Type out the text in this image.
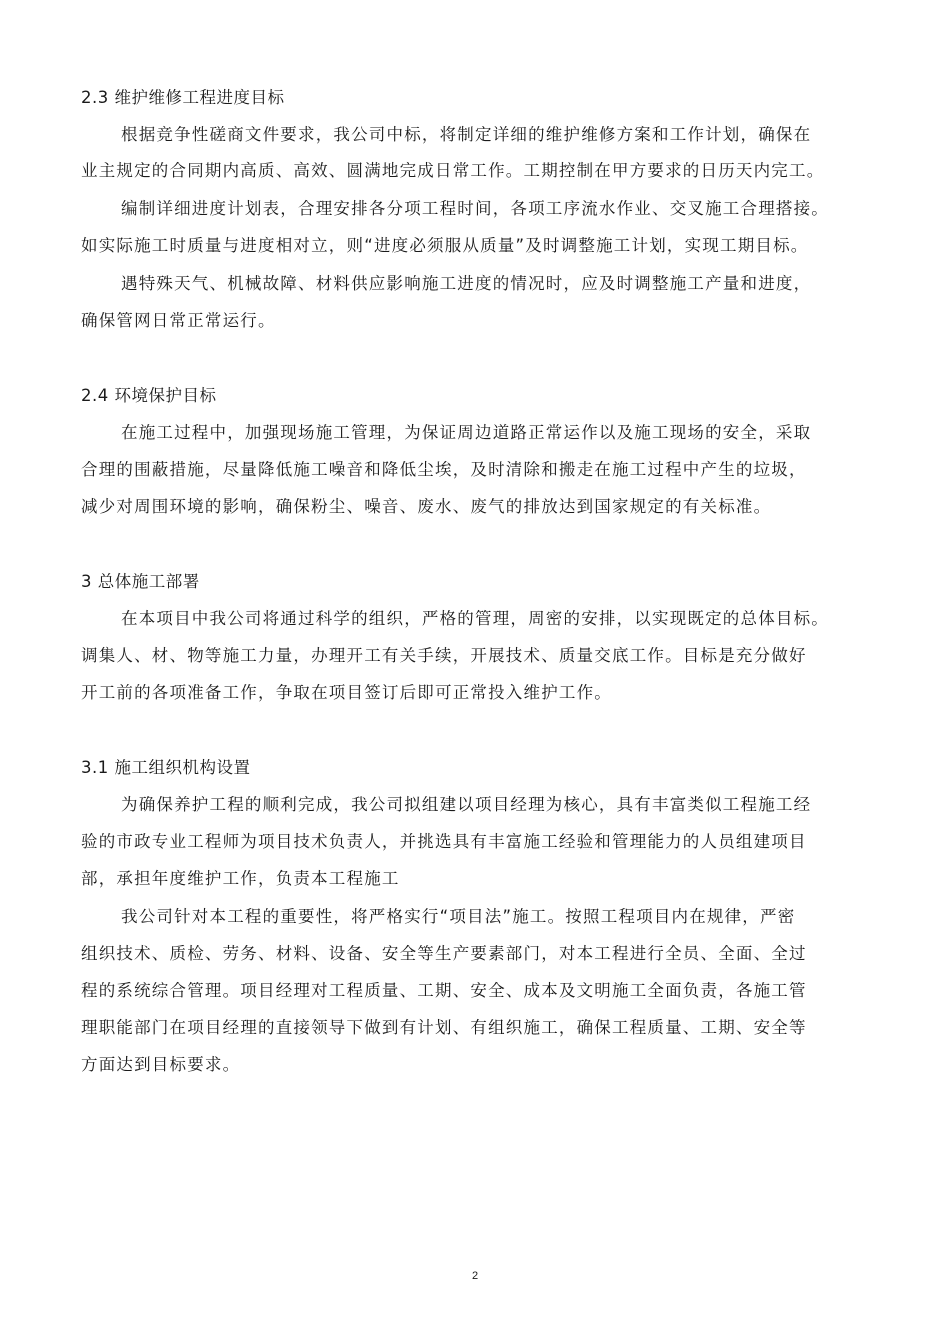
2.3 维护维修工程进度目标
根据竞争性磋商文件要求，我公司中标，将制定详细的维护维修方案和工作计划，确保在
业主规定的合同期内高质、高效、圆满地完成日常工作。工期控制在甲方要求的日历天内完工。
编制详细进度计划表，合理安排各分项工程时间，各项工序流水作业、交叉施工合理搭接。
如实际施工时质量与进度相对立，则“进度必须服从质量”及时调整施工计划，实现工期目标。
遇特殊天气、机械故障、材料供应影响施工进度的情况时，应及时调整施工产量和进度，
确保管网日常正常运行。
2.4 环境保护目标
在施工过程中，加强现场施工管理，为保证周边道路正常运作以及施工现场的安全，采取
合理的围蔽措施，尽量降低施工噪音和降低尘埃，及时清除和搬走在施工过程中产生的垃圾，
减少对周围环境的影响，确保粉尘、噪音、废水、废气的排放达到国家规定的有关标准。
3 总体施工部署
在本项目中我公司将通过科学的组织，严格的管理，周密的安排，以实现既定的总体目标。
调集人、材、物等施工力量，办理开工有关手续，开展技术、质量交底工作。目标是充分做好
开工前的各项准备工作，争取在项目签订后即可正常投入维护工作。
3.1 施工组织机构设置
为确保养护工程的顺利完成，我公司拟组建以项目经理为核心，具有丰富类似工程施工经
验的市政专业工程师为项目技术负责人，并挑选具有丰富施工经验和管理能力的人员组建项目
部，承担年度维护工作，负责本工程施工
我公司针对本工程的重要性，将严格实行“项目法”施工。按照工程项目内在规律，严密
组织技术、质检、劳务、材料、设备、安全等生产要素部门，对本工程进行全员、全面、全过
程的系统综合管理。项目经理对工程质量、工期、安全、成本及文明施工全面负责，各施工管
理职能部门在项目经理的直接领导下做到有计划、有组织施工，确保工程质量、工期、安全等
方面达到目标要求。
2
